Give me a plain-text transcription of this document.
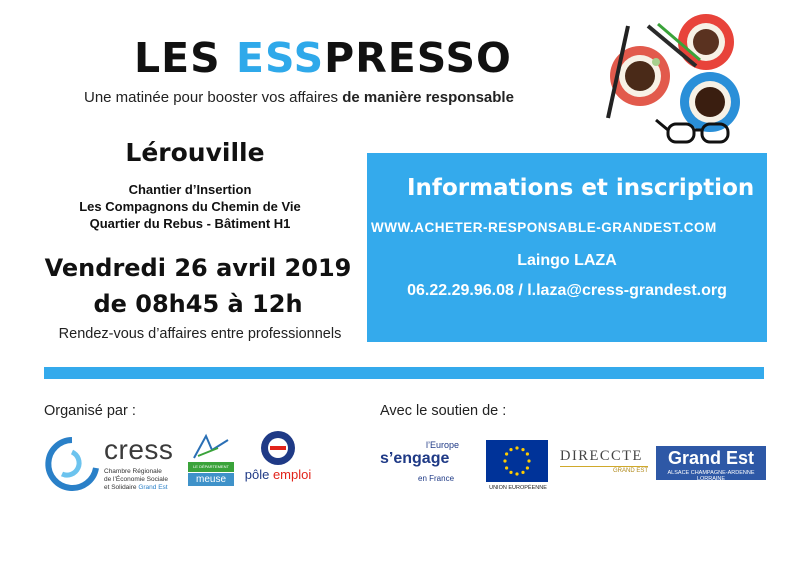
LES ESSPRESSO
Une matinée pour booster vos affaires de manière responsable
Lérouville
Chantier d’Insertion
Les Compagnons du Chemin de Vie
Quartier du Rebus - Bâtiment H1
Vendredi 26 avril 2019
de 08h45 à 12h
Rendez-vous d’affaires entre professionnels
Informations et inscription
WWW.ACHETER-RESPONSABLE-GRANDEST.COM
Laingo LAZA
06.22.29.96.08 / l.laza@cress-grandest.org
Organisé par :	Avec le soutien de :
cress
Chambre Régionale
de l’Économie Sociale
et Solidaire Grand Est
LE DÉPARTEMENT
meuse	pôle emploi
l’Europe
s’engage
en France
UNION EUROPÉENNE
DIRECCTE
GRAND EST
Grand Est
ALSACE CHAMPAGNE-ARDENNE LORRAINE
